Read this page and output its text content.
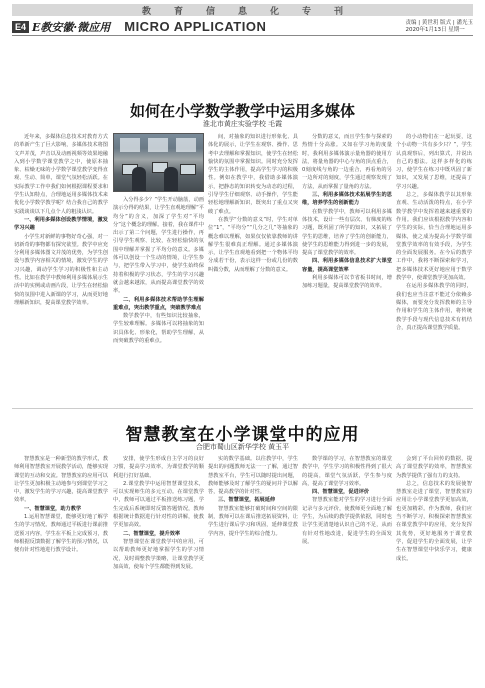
教	育	信	息	化	专	刊
E4 E教安徽·微应用 MICRO APPLICATION	责编 | 黄世玥 版式 | 潘光玉
2020年1月13日 星期一
如何在小学数学教学中运用多媒体
淮北市黄庄实验学校 毛霞

近年来，多媒体信息技术对教育方式的革新产生了巨大影响，多媒体技术将图文声并茂，声音以及动画视频等效果地融入到小学数学课堂教学之中，使原本抽象、枯燥无味的小学数学课堂教学变得直观、生动、简单，课堂气氛轻松活跃。在实际教学工作中我们如何根据课程要求和学生认知特点，合理地运用多媒体技术来优化小学数学教学呢？结合我自己的教学实践谈谈以下几点个人的粗浅认识。

一、利用多媒体创设教学情境，激发学习兴趣

小学生对新鲜的事物好奇心强，对一切新奇的事物都有探究欲望。教学中应充分利用多媒体图文并茂的优势，为学生创设与教学内容相关的情境，激发学生的学习兴趣，调动学生学习的积极性和主动性。比如在教学中教师利用多媒体展示生活中的实例或动画片段，让学生在轻松愉快的氛围中进入新课的学习，从而更好地理解新知识，提高课堂教学效率。

入分得多少？”学生开动脑筋，动画演示分得的结果，让学生直观地理解“平均分”的含义，加深了学生对“平均分”这个概念的理解。接着，我在课件中出示了第二个问题，学生进行操作，再引导学生观察、比较，在轻松愉快的氛围中理解并掌握了平均分的意义。多媒体可以创设一个生动的情境，让学生参与，把学生带入学习中，使学生始终保持着积极的学习状态，学生的学习兴趣就会越来越浓，从而提高课堂教学的效率。

二、利用多媒体技术帮助学生理解重难点，突出教学重点，突破教学难点

数学教学中，有些知识比较抽象，学生较难理解。多媒体可以将抽象的知识具体化、形象化，帮助学生理解，从而突破教学的重难点。

间，对抽象的知识进行形象化、具体化的展示，让学生在观察、操作、思考中去理解和掌握知识，使学生在轻松愉快的氛围中掌握知识。同时充分发挥学生的主体作用，提高学生学习的积极性。例如在教学中，我借助多媒体演示，把静态的知识转变为动态的过程，引导学生仔细观察、动手操作，学生能轻松地理解新知识，既突出了重点又突破了难点。

在教学“分数的意义”时，学生对单位“1”，“平均分”“几分之几”等抽象的概念难以理解，如果仅仅依靠教师的讲解学生很难真正理解。通过多媒体演示，让学生直观地看到把一个物体平均分成若干份，表示这样一份或几份的数叫做分数，从而理解了分数的意义。

分数的意义，而且学生参与探索的热情十分高涨。又如在学习角的度量时，我利用多媒体演示量角器的使用方法，将量角器的中心与角的顶点重合，0刻度线与角的一边重合，再看角的另一边所对的刻度，学生通过观察发现了方法，从而掌握了量角的方法。

三、利用多媒体技术拓展学生的思维，培养学生的创新能力

在数学教学中，教师可以利用多媒体技术，设计一些有层次、有梯度的练习题，既巩固了所学的知识，又拓展了学生的思维，培养了学生的创新能力，使学生的思维能力得到进一步的发展，提高了课堂教学的效率。

四、利用多媒体信息技术扩大课堂容量，提高课堂效率

利用多媒体可以节省板书时间，增加练习题量，提高课堂教学的效率。

的小动物们在一起玩耍，这个小动物一共有多少只？”，学生认真观察后，列出算式，并说出自己的想法。这样多样化的练习，使学生在练习中既巩固了新知识，又发展了思维，还提高了学习兴趣。

总之，多媒体教学以其形象直观、生动活泼的特点，在小学数学教学中发挥着越来越重要的作用。我们应该根据教学内容和学生的实际，恰当合理地运用多媒体，使之成为提高小学数学课堂教学效率的有效手段，为学生的全面发展服务。在今后的教学工作中，我将不断探索和学习，把多媒体技术更好地应用于数学教学中，使课堂教学更加高效。

在运用多媒体教学的同时，我们也应当注意不能过分依赖多媒体，而要充分发挥教师的主导作用和学生的主体作用，将传统教学手段与现代信息技术有机结合，真正提高课堂教学质量。

智慧教室在小学课堂中的应用
合肥市蜀山区新华学校 黄玉平

智慧教室是一种新型的教学形式，教师利用智慧教室开展教学活动，能够实现课堂的互动和交流。智慧教室的应用可以让学生更加积极主动地参与到课堂学习之中，激发学生的学习兴趣，提高课堂教学效率。

一、智慧课堂，助力教学

1.运用智慧课堂，能够更好地了解学生的学习情况。教师通过平板进行课前推送预习内容，学生在平板上完成预习，教师根据反馈数据了解学生的预习情况，以便有针对性地进行教学设计。

安排，使学生形成自主学习的良好习惯，提高学习效率，为课堂教学的顺利进行打好基础。

2.课堂教学中运用智慧课堂技术，可以实现师生的多元互动。在课堂教学中，教师可以通过平板推送练习题，学生完成后系统即时反馈答题情况，教师根据统计数据进行针对性的讲解，使教学更加高效。

二、智慧课堂，提升效率

智慧课堂在课堂教学中的应用，可以帮助教师更好地掌握学生的学习情况，及时调整教学策略，让课堂教学更加高效，使每个学生都能得到发展。

实的数学基础。以往教学中，学生提出的问题教师无法一一了解，通过智慧教室平台，学生可以随时提出问题，教师能够及时了解学生的疑问并予以解答，提高教学的针对性。

三、智慧课堂，拓展延伸

智慧教室能够打破时间和空间的限制，教师可以在课后推送拓展资料，让学生进行课后学习和巩固，延伸课堂教学内容，提升学生的综合能力。

数学课的学习，在智慧教室的课堂教学中，学生学习的积极性得到了很大的提高，课堂气氛活跃，学生参与度高，提高了课堂学习效率。

四、智慧课堂，促进评价

智慧教室能对学生的学习进行全面记录与多元评价，使教师更全面地了解学生，为后续的教学提供依据，同时也让学生更清楚地认识自己的不足，从而有针对性地改进，促进学生的全面发展。

会到了平台回传的数据，提高了课堂教学的效率，智慧教室为教学提供了强有力的支持。

总之，信息技术的发展使智慧教室走进了课堂，智慧教室的应用让小学课堂教学更加高效，也更加精彩。作为教师，我们应当不断学习，积极探索智慧教室在课堂教学中的应用，充分发挥其优势，更好地服务于课堂教学，促进学生的全面发展，让学生在智慧课堂中快乐学习，健康成长。
